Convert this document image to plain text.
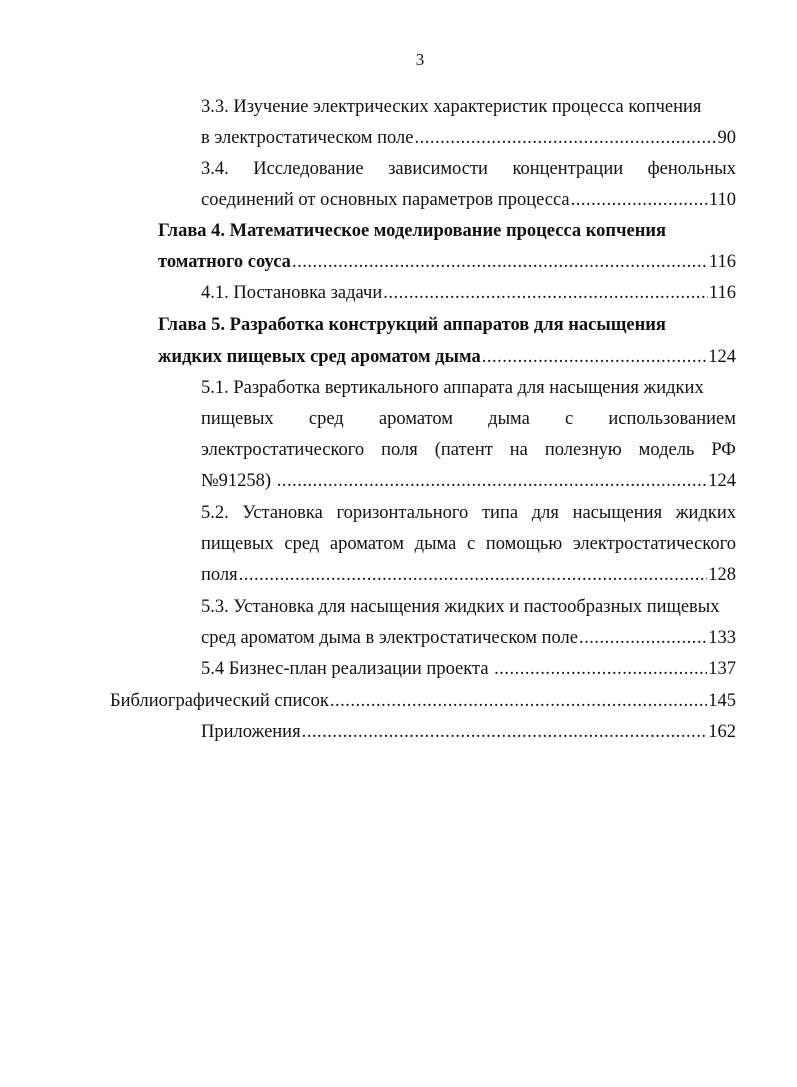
3
3.3. Изучение электрических характеристик процесса копчения
в электростатическом поле .....	90
3.4. Исследование зависимости концентрации фенольных
соединений от основных параметров процесса .....	110
Глава 4. Математическое моделирование процесса копчения
томатного соуса .....	116
4.1. Постановка задачи .....	116
Глава 5. Разработка конструкций аппаратов для насыщения
жидких пищевых сред ароматом дыма .....	124
5.1. Разработка вертикального аппарата для насыщения жидких
пищевых сред ароматом дыма с использованием
электростатического поля (патент на полезную модель РФ
№91258) .....	124
5.2. Установка горизонтального типа для насыщения жидких
пищевых сред ароматом дыма с помощью электростатического
поля .....	128
5.3. Установка для насыщения жидких и пастообразных пищевых
сред ароматом дыма в электростатическом поле .....	133
5.4 Бизнес-план реализации проекта .....	137
Библиографический список .....	145
Приложения .....	162
